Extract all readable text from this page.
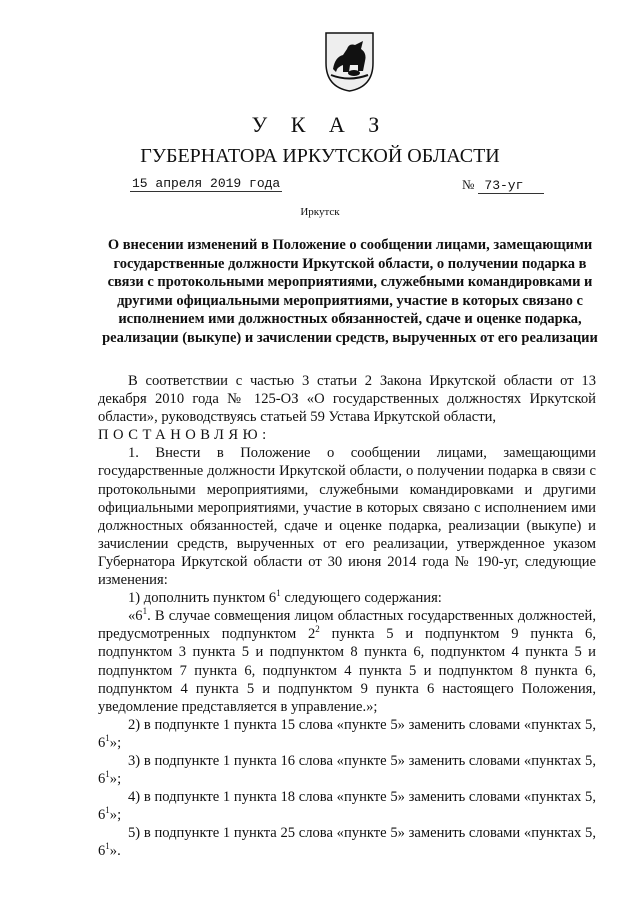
У К А З
ГУБЕРНАТОРА ИРКУТСКОЙ ОБЛАСТИ
15 апреля 2019 года	№ 73-уг
Иркутск
О внесении изменений в Положение о сообщении лицами, замещающими государственные должности Иркутской области, о получении подарка в связи с протокольными мероприятиями, служебными командировками и другими официальными мероприятиями, участие в которых связано с исполнением ими должностных обязанностей, сдаче и оценке подарка, реализации (выкупе) и зачислении средств, вырученных от его реализации

В соответствии с частью 3 статьи 2 Закона Иркутской области от 13 декабря 2010 года № 125-ОЗ «О государственных должностях Иркутской области», руководствуясь статьей 59 Устава Иркутской области,

ПОСТАНОВЛЯЮ:

1. Внести в Положение о сообщении лицами, замещающими государственные должности Иркутской области, о получении подарка в связи с протокольными мероприятиями, служебными командировками и другими официальными мероприятиями, участие в которых связано с исполнением ими должностных обязанностей, сдаче и оценке подарка, реализации (выкупе) и зачислении средств, вырученных от его реализации, утвержденное указом Губернатора Иркутской области от 30 июня 2014 года № 190-уг, следующие изменения:

1) дополнить пунктом $6^1$ следующего содержания:

«$6^1$. В случае совмещения лицом областных государственных должностей, предусмотренных подпунктом $2^2$ пункта 5 и подпунктом 9 пункта 6, подпунктом 3 пункта 5 и подпунктом 8 пункта 6, подпунктом 4 пункта 5 и подпунктом 7 пункта 6, подпунктом 4 пункта 5 и подпунктом 8 пункта 6, подпунктом 4 пункта 5 и подпунктом 9 пункта 6 настоящего Положения, уведомление представляется в управление.»;

2) в подпункте 1 пункта 15 слова «пункте 5» заменить словами «пунктах 5, $6^1$»;

3) в подпункте 1 пункта 16 слова «пункте 5» заменить словами «пунктах 5, $6^1$»;

4) в подпункте 1 пункта 18 слова «пункте 5» заменить словами «пунктах 5, $6^1$»;

5) в подпункте 1 пункта 25 слова «пункте 5» заменить словами «пунктах 5, $6^1$».
